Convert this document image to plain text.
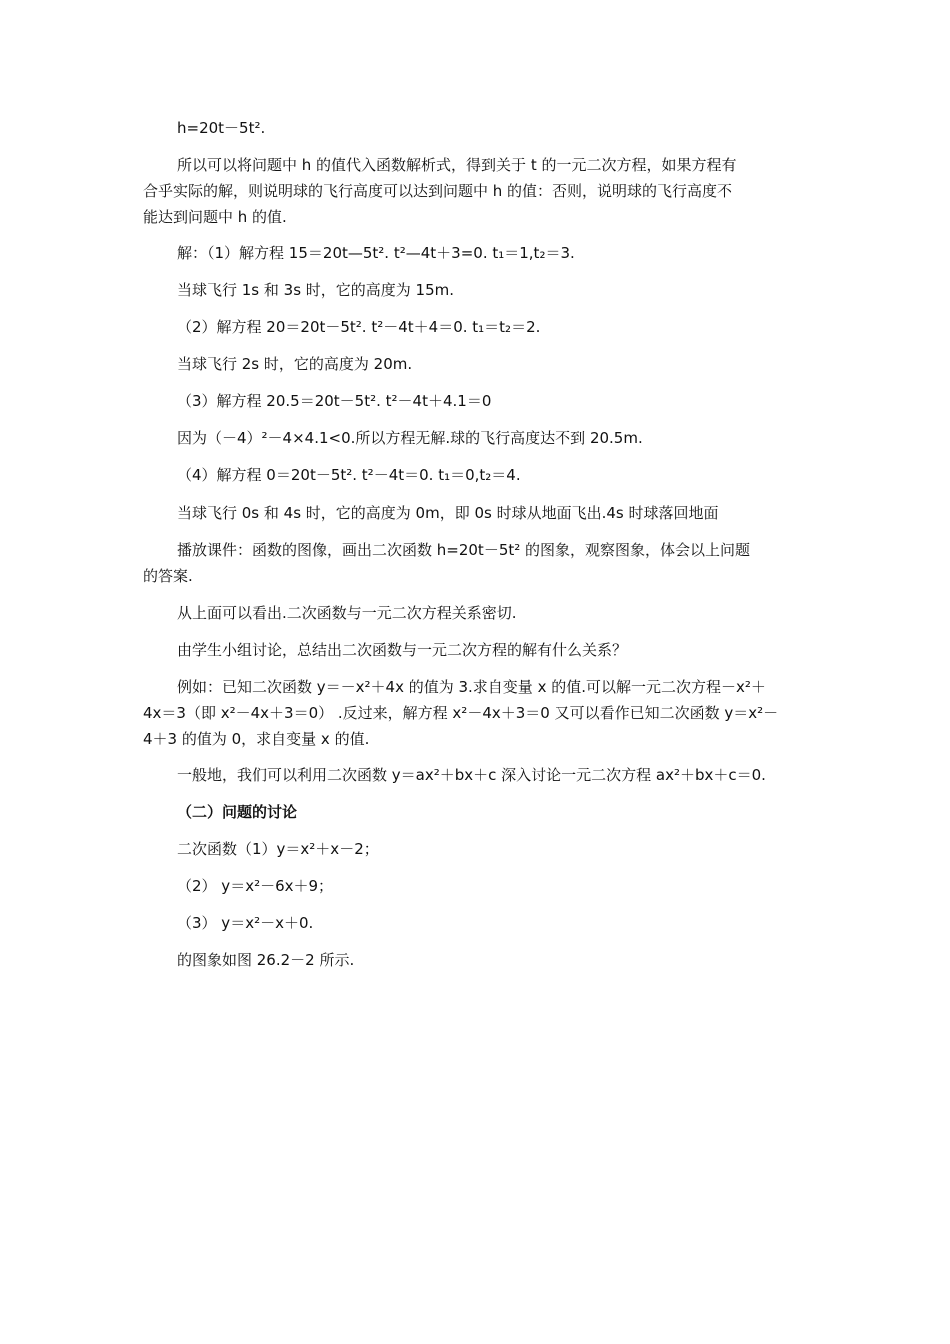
h=20t－5t².
所以可以将问题中 h 的值代入函数解析式，得到关于 t 的一元二次方程，如果方程有
合乎实际的解，则说明球的飞行高度可以达到问题中 h 的值：否则，说明球的飞行高度不
能达到问题中 h 的值.
解：（1）解方程 15＝20t—5t². t²—4t＋3=0. t₁＝1,t₂＝3.
当球飞行 1s 和 3s 时，它的高度为 15m.
（2）解方程 20＝20t－5t². t²－4t＋4＝0. t₁＝t₂＝2.
当球飞行 2s 时，它的高度为 20m.
（3）解方程 20.5＝20t－5t². t²－4t＋4.1＝0
因为（－4）²－4×4.1<0.所以方程无解.球的飞行高度达不到 20.5m.
（4）解方程 0＝20t－5t². t²－4t＝0. t₁＝0,t₂＝4.
当球飞行 0s 和 4s 时，它的高度为 0m，即 0s 时球从地面飞出.4s 时球落回地面
播放课件：函数的图像，画出二次函数 h=20t－5t² 的图象，观察图象，体会以上问题
的答案.
从上面可以看出.二次函数与一元二次方程关系密切.
由学生小组讨论，总结出二次函数与一元二次方程的解有什么关系？
例如：已知二次函数 y＝－x²＋4x 的值为 3.求自变量 x 的值.可以解一元二次方程－x²＋
4x＝3（即 x²－4x＋3＝0） .反过来，解方程 x²－4x＋3＝0 又可以看作已知二次函数 y＝x²－
4＋3 的值为 0，求自变量 x 的值.
一般地，我们可以利用二次函数 y＝ax²＋bx＋c 深入讨论一元二次方程 ax²＋bx＋c＝0.
（二）问题的讨论
二次函数（1）y＝x²＋x－2；
（2） y＝x²－6x＋9；
（3） y＝x²－x＋0.
的图象如图 26.2－2 所示.
